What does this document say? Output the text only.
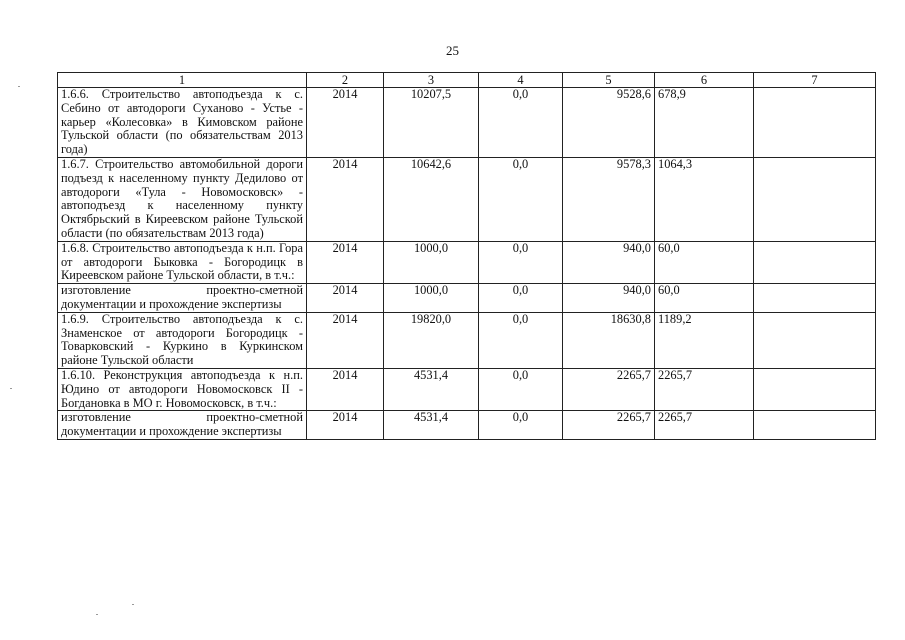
25
1	2	3	4	5	6	7
1.6.6. Строительство автоподъезда к с. Себино от автодороги Суханово - Устье - карьер «Колесовка» в Кимовском районе Тульской области (по обязательствам 2013 года)	2014	10207,5	0,0	9528,6	678,9	
1.6.7. Строительство автомобильной дороги подъезд к населенному пункту Дедилово от автодороги «Тула - Новомосковск» - автоподъезд к населенному пункту Октябрьский в Киреевском районе Тульской области (по обязательствам 2013 года)	2014	10642,6	0,0	9578,3	1064,3	
1.6.8. Строительство автоподъезда к н.п. Гора от автодороги Быковка - Богородицк в Киреевском районе Тульской области, в т.ч.:	2014	1000,0	0,0	940,0	60,0	
изготовление проектно-сметной документации и прохождение экспертизы	2014	1000,0	0,0	940,0	60,0	
1.6.9. Строительство автоподъезда к с. Знаменское от автодороги Богородицк - Товарковский - Куркино в Куркинском районе Тульской области	2014	19820,0	0,0	18630,8	1189,2	
1.6.10. Реконструкция автоподъезда к н.п. Юдино от автодороги Новомосковск II - Богдановка в МО г. Новомосковск, в т.ч.:	2014	4531,4	0,0	2265,7	2265,7	
изготовление проектно-сметной документации и прохождение экспертизы	2014	4531,4	0,0	2265,7	2265,7	
